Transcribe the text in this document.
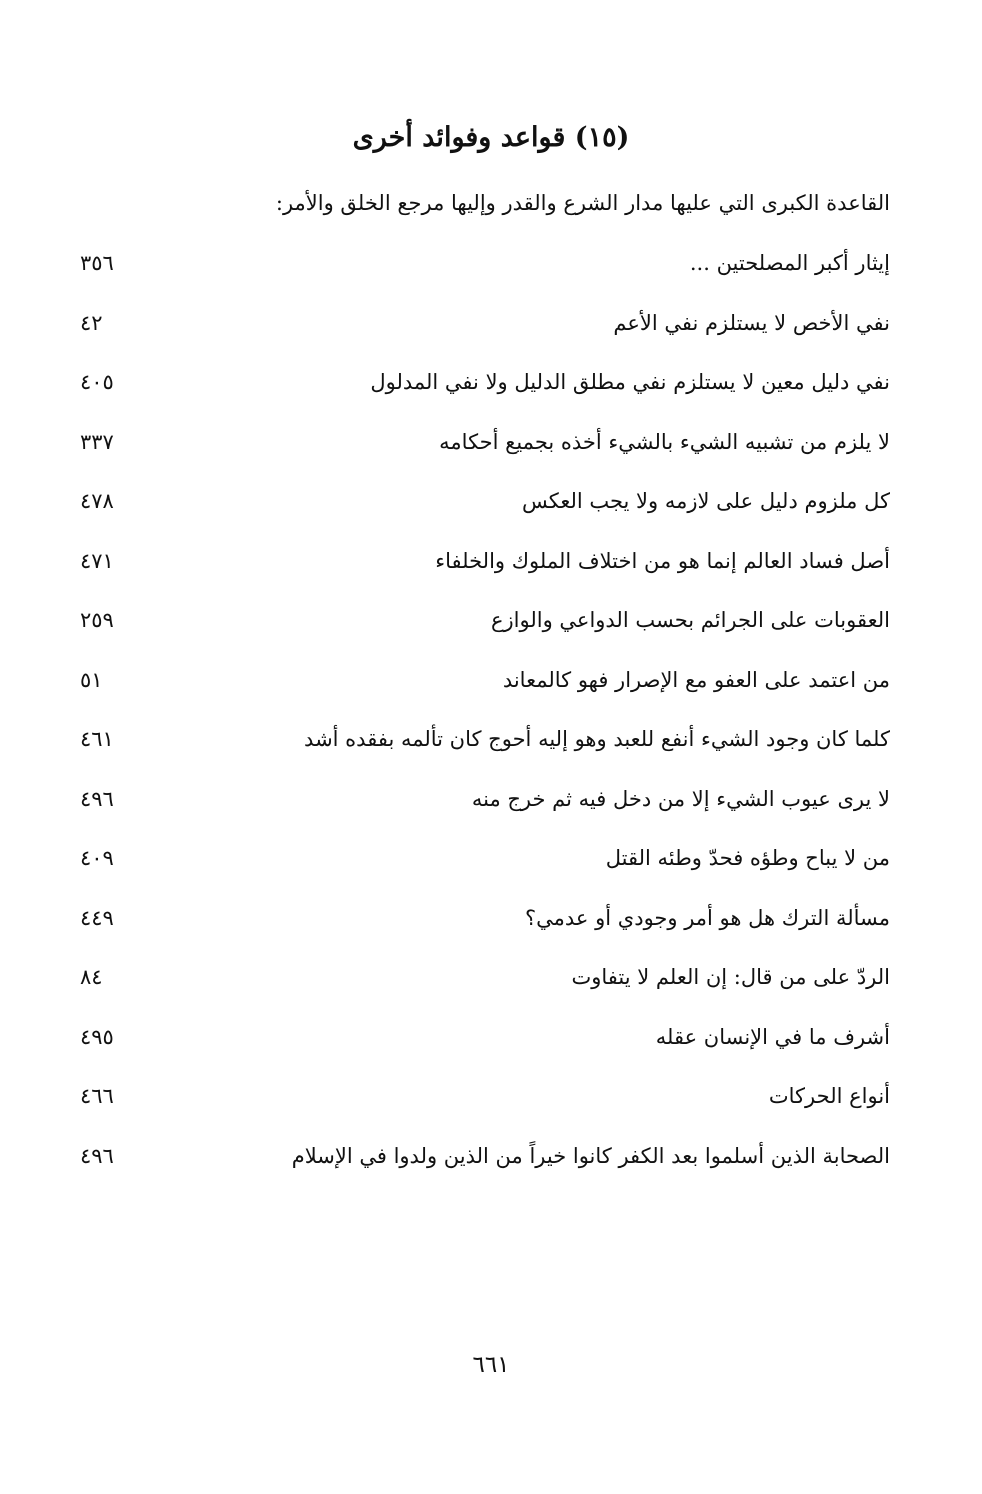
(١٥) قواعد وفوائد أخرى
القاعدة الكبرى التي عليها مدار الشرع والقدر وإليها مرجع الخلق والأمر:
إيثار أكبر المصلحتين ...
٣٥٦
نفي الأخص لا يستلزم نفي الأعم
٤٢
نفي دليل معين لا يستلزم نفي مطلق الدليل ولا نفي المدلول
٤٠٥
لا يلزم من تشبيه الشيء بالشيء أخذه بجميع أحكامه
٣٣٧
كل ملزوم دليل على لازمه ولا يجب العكس
٤٧٨
أصل فساد العالم إنما هو من اختلاف الملوك والخلفاء
٤٧١
العقوبات على الجرائم بحسب الدواعي والوازع
٢٥٩
من اعتمد على العفو مع الإصرار فهو كالمعاند
٥١
كلما كان وجود الشيء أنفع للعبد وهو إليه أحوج كان تألمه بفقده أشد
٤٦١
لا يرى عيوب الشيء إلا من دخل فيه ثم خرج منه
٤٩٦
من لا يباح وطؤه فحدّ وطئه القتل
٤٠٩
مسألة الترك هل هو أمر وجودي أو عدمي؟
٤٤٩
الردّ على من قال: إن العلم لا يتفاوت
٨٤
أشرف ما في الإنسان عقله
٤٩٥
أنواع الحركات
٤٦٦
الصحابة الذين أسلموا بعد الكفر كانوا خيراً من الذين ولدوا في الإسلام
٤٩٦
٦٦١
